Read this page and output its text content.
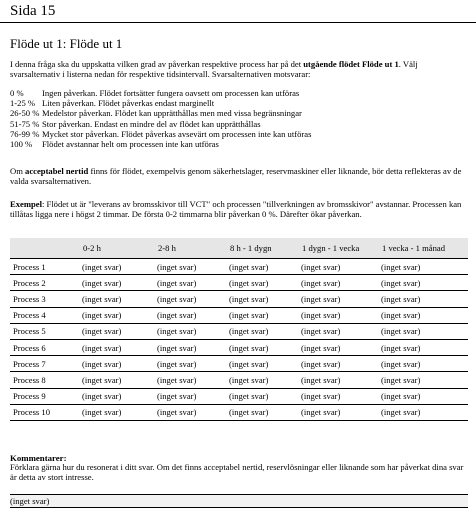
Sida 15
Flöde ut 1: Flöde ut 1
I denna fråga ska du uppskatta vilken grad av påverkan respektive process har på det utgående flödet Flöde ut 1. Välj svarsalternativ i listerna nedan för respektive tidsintervall. Svarsalternativen motsvarar:
0 %	Ingen påverkan. Flödet fortsätter fungera oavsett om processen kan utföras
1-25 % Liten påverkan. Flödet påverkas endast marginellt
26-50 % Medelstor påverkan. Flödet kan upprätthållas men med vissa begränsningar
51-75 % Stor påverkan. Endast en mindre del av flödet kan upprätthållas
76-99 % Mycket stor påverkan. Flödet påverkas avsevärt om processen inte kan utföras
100 %	Flödet avstannar helt om processen inte kan utföras
Om acceptabel nertid finns för flödet, exempelvis genom säkerhetslager, reservmaskiner eller liknande, bör detta reflekteras av de valda svarsalternativen.
Exempel: Flödet ut är "leverans av bromsskivor till VCT" och processen "tillverkningen av bromsskivor" avstannar. Processen kan tillåtas ligga nere i högst 2 timmar. De första 0-2 timmarna blir påverkan 0 %. Därefter ökar påverkan.
	0-2 h	2-8 h	8 h - 1 dygn	1 dygn - 1 vecka	1 vecka - 1 månad
Process 1	(inget svar)	(inget svar)	(inget svar)	(inget svar)	(inget svar)
Process 2	(inget svar)	(inget svar)	(inget svar)	(inget svar)	(inget svar)
Process 3	(inget svar)	(inget svar)	(inget svar)	(inget svar)	(inget svar)
Process 4	(inget svar)	(inget svar)	(inget svar)	(inget svar)	(inget svar)
Process 5	(inget svar)	(inget svar)	(inget svar)	(inget svar)	(inget svar)
Process 6	(inget svar)	(inget svar)	(inget svar)	(inget svar)	(inget svar)
Process 7	(inget svar)	(inget svar)	(inget svar)	(inget svar)	(inget svar)
Process 8	(inget svar)	(inget svar)	(inget svar)	(inget svar)	(inget svar)
Process 9	(inget svar)	(inget svar)	(inget svar)	(inget svar)	(inget svar)
Process 10	(inget svar)	(inget svar)	(inget svar)	(inget svar)	(inget svar)
Kommentarer:
Förklara gärna hur du resonerat i ditt svar. Om det finns acceptabel nertid, reservlösningar eller liknande som har påverkat dina svar är detta av stort intresse.
(inget svar)
